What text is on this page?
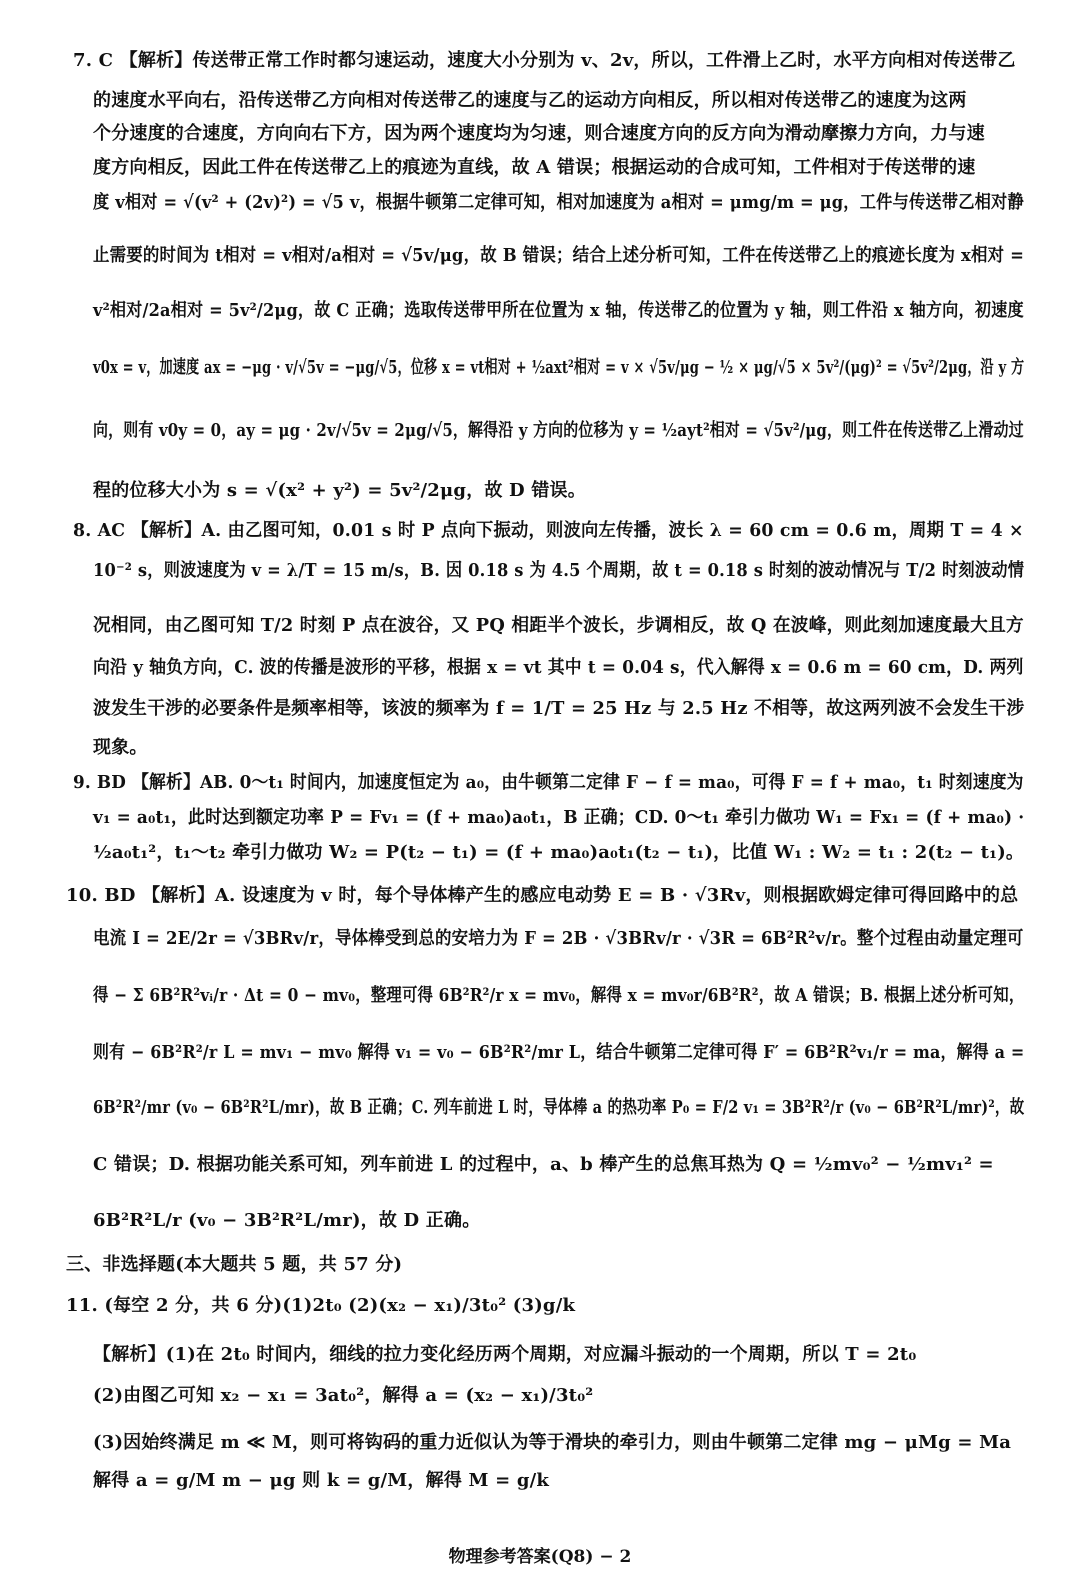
7. C 【解析】传送带正常工作时都匀速运动，速度大小分别为 v、2v，所以，工件滑上乙时，水平方向相对传送带乙
的速度水平向右，沿传送带乙方向相对传送带乙的速度与乙的运动方向相反，所以相对传送带乙的速度为这两
个分速度的合速度，方向向右下方，因为两个速度均为匀速，则合速度方向的反方向为滑动摩擦力方向，力与速
度方向相反，因此工件在传送带乙上的痕迹为直线，故 A 错误；根据运动的合成可知，工件相对于传送带的速
度 v相对 = √(v² + (2v)²) = √5 v，根据牛顿第二定律可知，相对加速度为 a相对 = μmg/m = μg，工件与传送带乙相对静
止需要的时间为 t相对 = v相对/a相对 = √5v/μg，故 B 错误；结合上述分析可知，工件在传送带乙上的痕迹长度为 x相对 =
v²相对/2a相对 = 5v²/2μg，故 C 正确；选取传送带甲所在位置为 x 轴，传送带乙的位置为 y 轴，则工件沿 x 轴方向，初速度
v0x = v，加速度 ax = −μg · v/√5v = −μg/√5，位移 x = vt相对 + ½axt²相对 = v × √5v/μg − ½ × μg/√5 × 5v²/(μg)² = √5v²/2μg，沿 y 方
向，则有 v0y = 0，ay = μg · 2v/√5v = 2μg/√5，解得沿 y 方向的位移为 y = ½ayt²相对 = √5v²/μg，则工件在传送带乙上滑动过
程的位移大小为 s = √(x² + y²) = 5v²/2μg，故 D 错误。
8. AC 【解析】A. 由乙图可知，0.01 s 时 P 点向下振动，则波向左传播，波长 λ = 60 cm = 0.6 m，周期 T = 4 ×
10⁻² s，则波速度为 v = λ/T = 15 m/s，B. 因 0.18 s 为 4.5 个周期，故 t = 0.18 s 时刻的波动情况与 T/2 时刻波动情
况相同，由乙图可知 T/2 时刻 P 点在波谷，又 PQ 相距半个波长，步调相反，故 Q 在波峰，则此刻加速度最大且方
向沿 y 轴负方向，C. 波的传播是波形的平移，根据 x = vt 其中 t = 0.04 s，代入解得 x = 0.6 m = 60 cm，D. 两列
波发生干涉的必要条件是频率相等，该波的频率为 f = 1/T = 25 Hz 与 2.5 Hz 不相等，故这两列波不会发生干涉
现象。
9. BD 【解析】AB. 0～t₁ 时间内，加速度恒定为 a₀，由牛顿第二定律 F − f = ma₀，可得 F = f + ma₀，t₁ 时刻速度为
v₁ = a₀t₁，此时达到额定功率 P = Fv₁ = (f + ma₀)a₀t₁，B 正确；CD. 0～t₁ 牵引力做功 W₁ = Fx₁ = (f + ma₀) ·
½a₀t₁²，t₁～t₂ 牵引力做功 W₂ = P(t₂ − t₁) = (f + ma₀)a₀t₁(t₂ − t₁)，比值 W₁ : W₂ = t₁ : 2(t₂ − t₁)。
10. BD 【解析】A. 设速度为 v 时，每个导体棒产生的感应电动势 E = B · √3Rv，则根据欧姆定律可得回路中的总
电流 I = 2E/2r = √3BRv/r，导体棒受到总的安培力为 F = 2B · √3BRv/r · √3R = 6B²R²v/r。整个过程由动量定理可
得 − Σ 6B²R²vᵢ/r · Δt = 0 − mv₀，整理可得 6B²R²/r x = mv₀，解得 x = mv₀r/6B²R²，故 A 错误；B. 根据上述分析可知，
则有 − 6B²R²/r L = mv₁ − mv₀ 解得 v₁ = v₀ − 6B²R²/mr L，结合牛顿第二定律可得 F′ = 6B²R²v₁/r = ma，解得 a =
6B²R²/mr (v₀ − 6B²R²L/mr)，故 B 正确；C. 列车前进 L 时，导体棒 a 的热功率 P₀ = F/2 v₁ = 3B²R²/r (v₀ − 6B²R²L/mr)²，故
C 错误；D. 根据功能关系可知，列车前进 L 的过程中，a、b 棒产生的总焦耳热为 Q = ½mv₀² − ½mv₁² =
6B²R²L/r (v₀ − 3B²R²L/mr)，故 D 正确。
三、非选择题(本大题共 5 题，共 57 分)
11. (每空 2 分，共 6 分)(1)2t₀ (2)(x₂ − x₁)/3t₀² (3)g/k
【解析】(1)在 2t₀ 时间内，细线的拉力变化经历两个周期，对应漏斗振动的一个周期，所以 T = 2t₀
(2)由图乙可知 x₂ − x₁ = 3at₀²，解得 a = (x₂ − x₁)/3t₀²
(3)因始终满足 m ≪ M，则可将钩码的重力近似认为等于滑块的牵引力，则由牛顿第二定律 mg − μMg = Ma
解得 a = g/M m − μg 则 k = g/M，解得 M = g/k
物理参考答案(Q8) − 2
